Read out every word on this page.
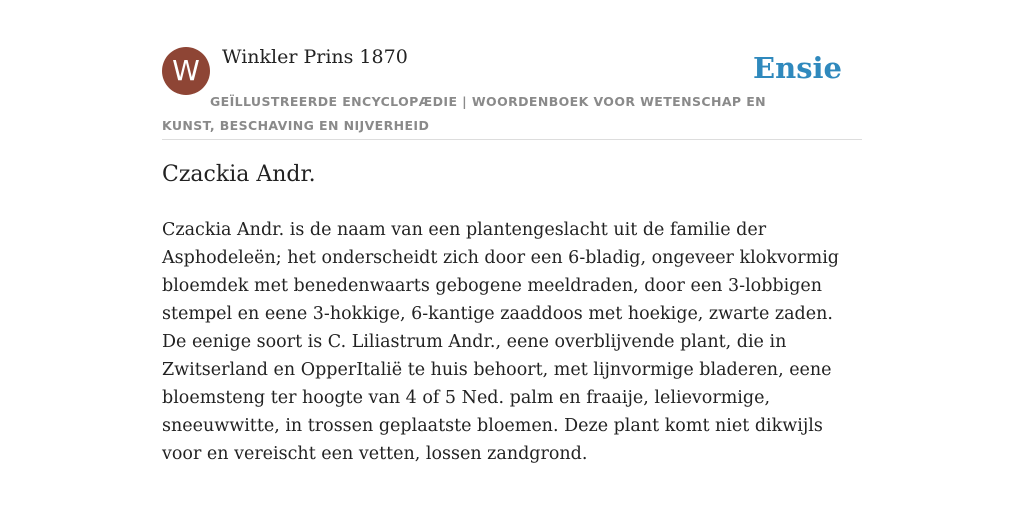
W	Winkler Prins 1870	Ensie
GEÏLLUSTREERDE ENCYCLOPÆDIE | WOORDENBOEK VOOR WETENSCHAP EN KUNST, BESCHAVING EN NIJVERHEID
Czackia Andr.

Czackia Andr. is de naam van een plantengeslacht uit de familie der Asphodeleën; het onderscheidt zich door een 6-bladig, ongeveer klokvormig bloemdek met benedenwaarts gebogene meeldraden, door een 3-lobbigen stempel en eene 3-hokkige, 6-kantige zaaddoos met hoekige, zwarte zaden. De eenige soort is C. Liliastrum Andr., eene overblijvende plant, die in Zwitserland en OpperItalië te huis behoort, met lijnvormige bladeren, eene bloemsteng ter hoogte van 4 of 5 Ned. palm en fraaije, lelievormige, sneeuwwitte, in trossen geplaatste bloemen. Deze plant komt niet dikwijls voor en vereischt een vetten, lossen zandgrond.
